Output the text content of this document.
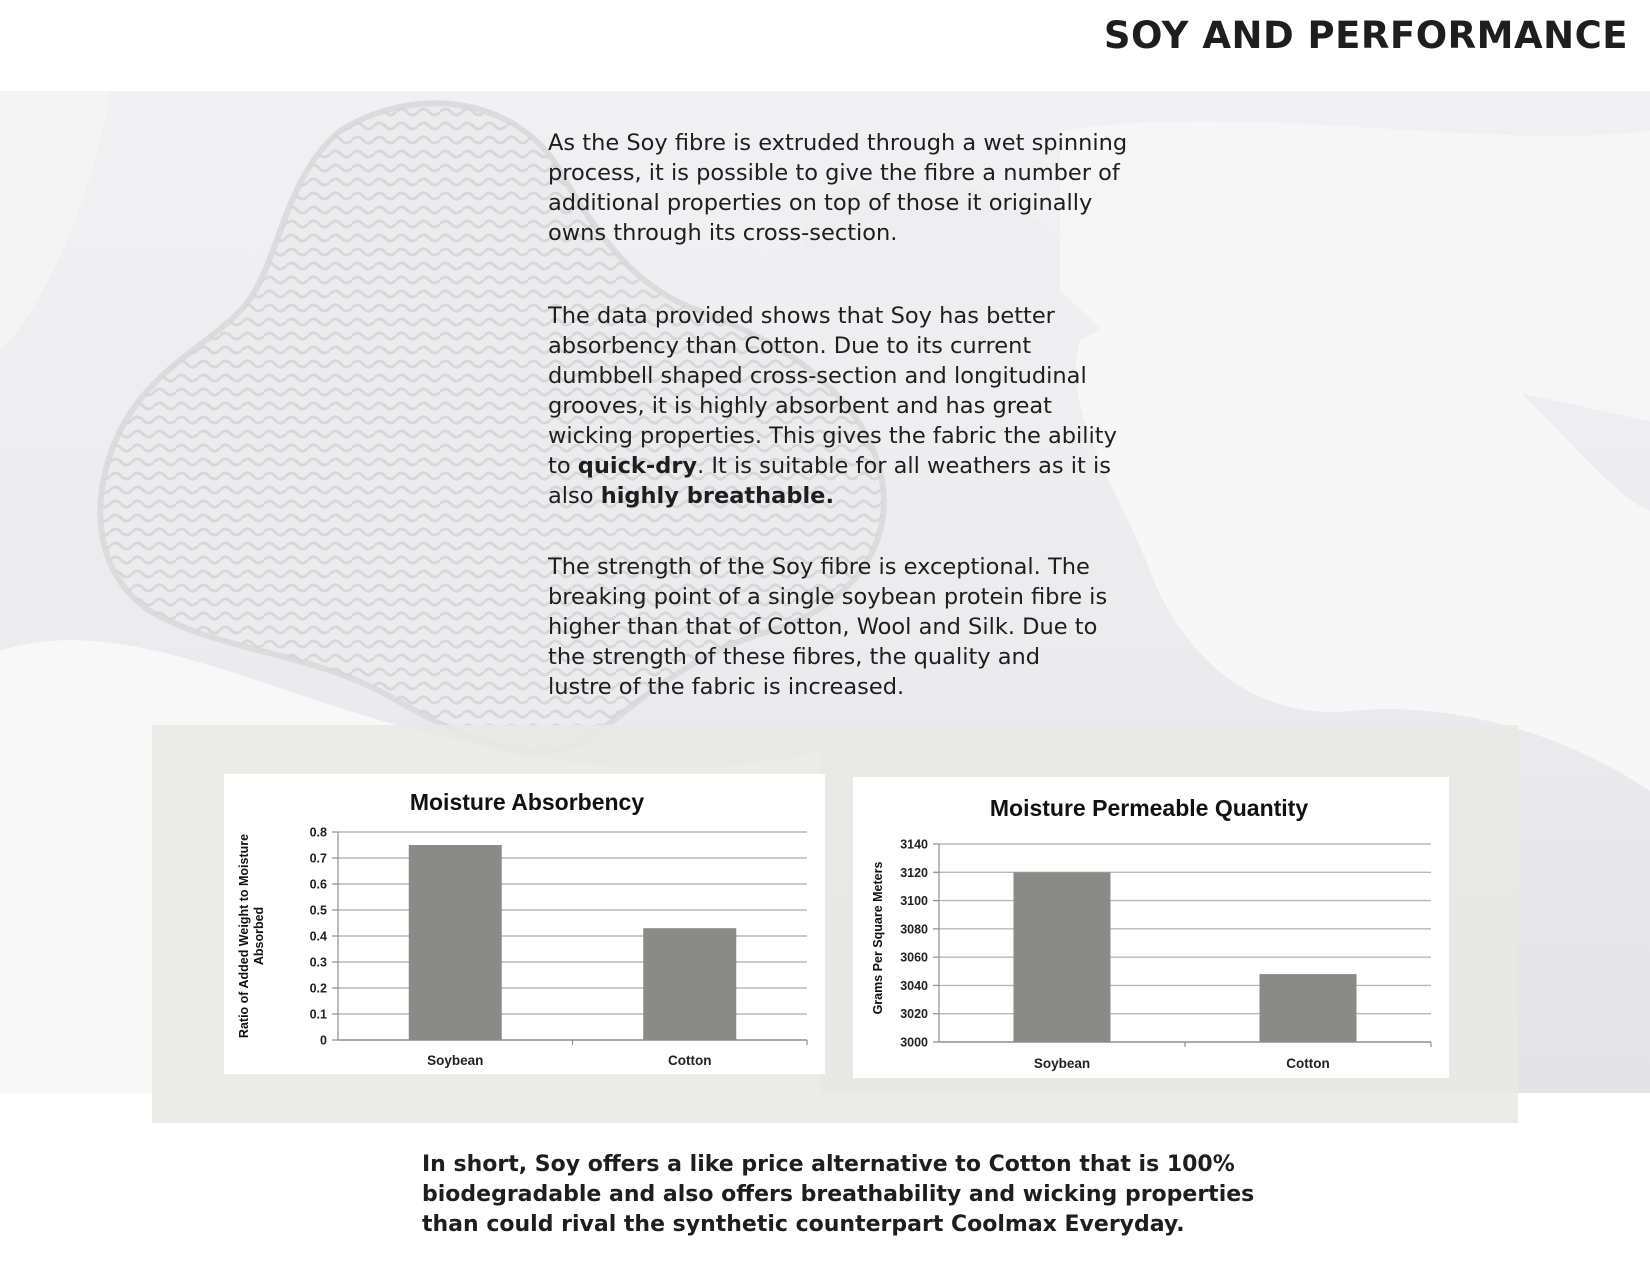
SOY AND PERFORMANCE

As the Soy fibre is extruded through a wet spinning process, it is possible to give the fibre a number of additional properties on top of those it originally owns through its cross-section.

The data provided shows that Soy has better absorbency than Cotton. Due to its current dumbbell shaped cross-section and longitudinal grooves, it is highly absorbent and has great wicking properties. This gives the fabric the ability to quick-dry. It is suitable for all weathers as it is also highly breathable.

The strength of the Soy fibre is exceptional. The breaking point of a single soybean protein fibre is higher than that of Cotton, Wool and Silk. Due to the strength of these fibres, the quality and lustre of the fabric is increased.

Moisture Absorbency
Ratio of Added Weight to Moisture Absorbed
0
0.1
0.2
0.3
0.4
0.5
0.6
0.7
0.8
Soybean	Cotton
Moisture Permeable Quantity
Grams Per Square Meters
3000
3020
3040
3060
3080
3100
3120
3140
Soybean	Cotton

In short, Soy offers a like price alternative to Cotton that is 100% biodegradable and also offers breathability and wicking properties than could rival the synthetic counterpart Coolmax Everyday.
